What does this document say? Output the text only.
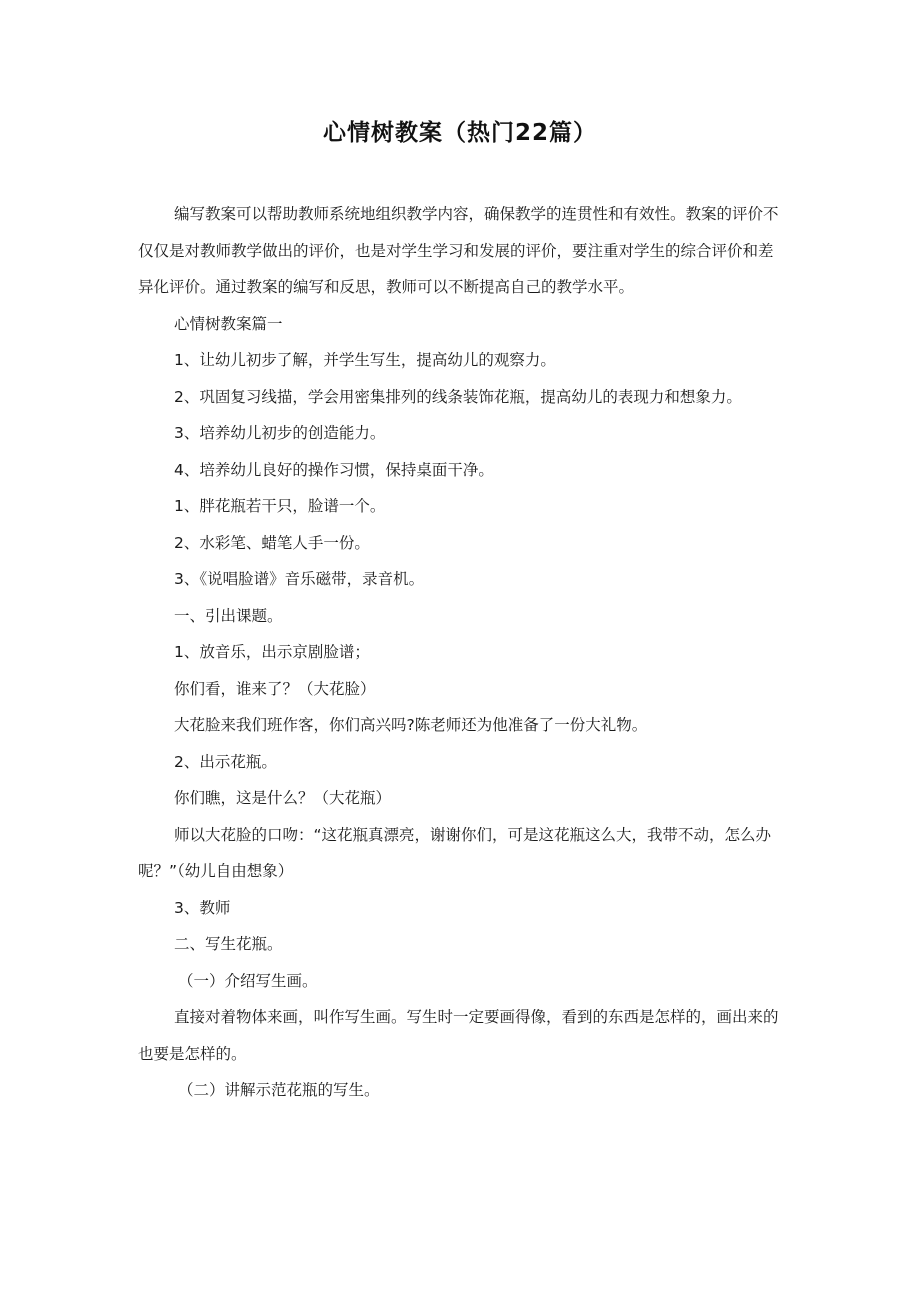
心情树教案（热门22篇）

编写教案可以帮助教师系统地组织教学内容，确保教学的连贯性和有效性。教案的评价不仅仅是对教师教学做出的评价，也是对学生学习和发展的评价，要注重对学生的综合评价和差异化评价。通过教案的编写和反思，教师可以不断提高自己的教学水平。

心情树教案篇一

1、让幼儿初步了解，并学生写生，提高幼儿的观察力。

2、巩固复习线描，学会用密集排列的线条装饰花瓶，提高幼儿的表现力和想象力。

3、培养幼儿初步的创造能力。

4、培养幼儿良好的操作习惯，保持桌面干净。

1、胖花瓶若干只，脸谱一个。

2、水彩笔、蜡笔人手一份。

3、《说唱脸谱》音乐磁带，录音机。

一、引出课题。

1、放音乐，出示京剧脸谱；

你们看，谁来了？（大花脸）

大花脸来我们班作客，你们高兴吗?陈老师还为他准备了一份大礼物。

2、出示花瓶。

你们瞧，这是什么？（大花瓶）

师以大花脸的口吻：“这花瓶真漂亮，谢谢你们，可是这花瓶这么大，我带不动，怎么办呢？”（幼儿自由想象）

3、教师

二、写生花瓶。

（一）介绍写生画。

直接对着物体来画，叫作写生画。写生时一定要画得像，看到的东西是怎样的，画出来的也要是怎样的。

（二）讲解示范花瓶的写生。
